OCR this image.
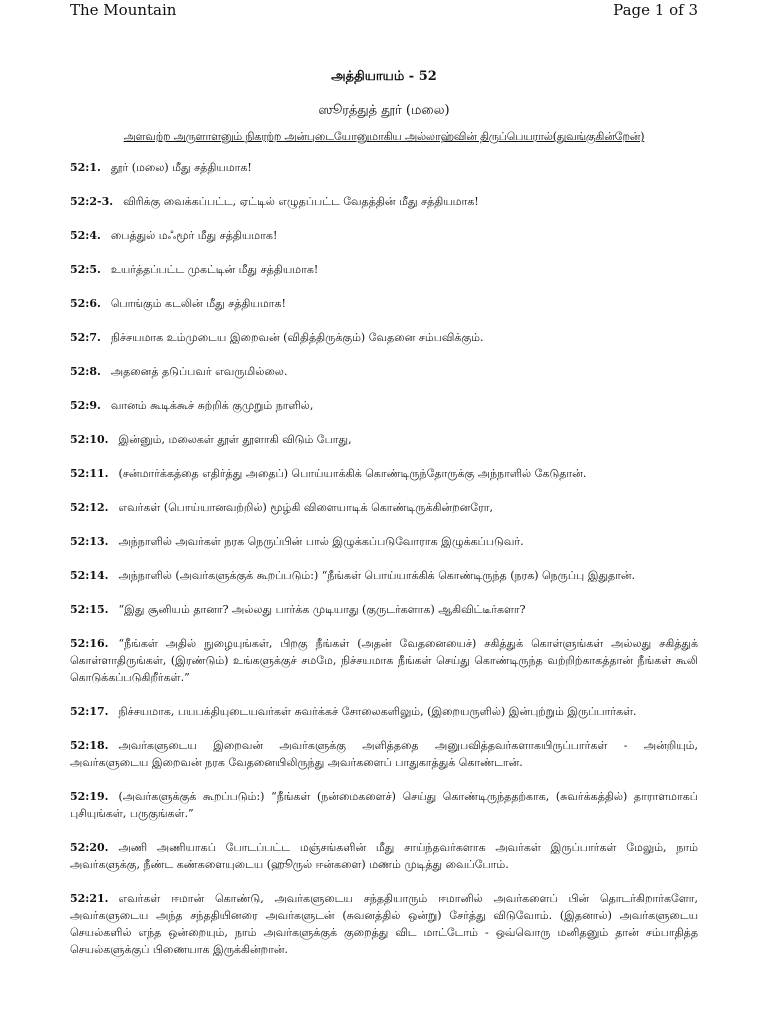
The Mountain	Page 1 of 3
அத்தியாயம் - 52
ஸூரத்துத் தூர் (மலை)
அளவற்ற அருளாளனும் நிகரற்ற அன்புடையோனுமாகிய அல்லாஹ்வின் திருப்பெயரால்(துவங்குகின்றேன்)

52:1. தூர் (மலை) மீது சத்தியமாக!

52:2-3. விரிக்கு வைக்கப்பட்ட, ஏட்டில் எழுதப்பட்ட வேதத்தின் மீது சத்தியமாக!

52:4. பைத்துல் மஃமூர் மீது சத்தியமாக!

52:5. உயர்த்தப்பட்ட முகட்டின் மீது சத்தியமாக!

52:6. பொங்கும் கடலின் மீது சத்தியமாக!

52:7. நிச்சயமாக உம்முடைய இறைவன் (விதித்திருக்கும்) வேதனை சம்பவிக்கும்.

52:8. அதனைத் தடுப்பவர் எவருமில்லை.

52:9. வானம் கூடிக்கூச் சுற்றிக் குமுறும் நாளில்,

52:10. இன்னும், மலைகள் தூள் தூளாகி விடும் போது,

52:11. (சன்மார்க்கத்தை எதிர்த்து அதைப்) பொய்யாக்கிக் கொண்டிருந்தோருக்கு அந்நாளில் கேடுதான்.

52:12. எவர்கள் (பொய்யானவற்றில்) மூழ்கி விளையாடிக் கொண்டிருக்கின்றனரோ,

52:13. அந்நாளில் அவர்கள் நரக நெருப்பின் பால் இழுக்கப்படுவோராக இழுக்கப்படுவர்.

52:14. அந்நாளில் (அவர்களுக்குக் கூறப்படும்:) “நீங்கள் பொய்யாக்கிக் கொண்டிருந்த (நரக) நெருப்பு இதுதான்.

52:15. “இது சூனியம் தானா? அல்லது பார்க்க முடியாது (குருடர்களாக) ஆகிவிட்டீர்களா?

52:16. “நீங்கள் அதில் நுழையுங்கள், பிறகு நீங்கள் (அதன் வேதனையைச்) சகித்துக் கொள்ளுங்கள் அல்லது சகித்துக் கொள்ளாதிருங்கள், (இரண்டும்) உங்களுக்குச் சமமே, நிச்சயமாக நீங்கள் செய்து கொண்டிருந்த வற்றிற்காகத்தான் நீங்கள் கூலி கொடுக்கப்படுகிறீர்கள்.”

52:17. நிச்சயமாக, பயபக்தியுடையவர்கள் சுவர்க்கச் சோலைகளிலும், (இறையருளில்) இன்புற்றும் இருப்பார்கள்.

52:18. அவர்களுடைய இறைவன் அவர்களுக்கு அளித்ததை அனுபவித்தவர்களாகயிருப்பார்கள் - அன்றியும், அவர்களுடைய இறைவன் நரக வேதனையிலிருந்து அவர்களைப் பாதுகாத்துக் கொண்டான்.

52:19. (அவர்களுக்குக் கூறப்படும்:) “நீங்கள் (நன்மைகளைச்) செய்து கொண்டிருந்ததற்காக, (சுவர்க்கத்தில்) தாராளமாகப் புசியுங்கள், பருகுங்கள்.”

52:20. அணி அணியாகப் போடப்பட்ட மஞ்சங்களின் மீது சாய்ந்தவர்களாக அவர்கள் இருப்பார்கள் மேலும், நாம் அவர்களுக்கு, நீண்ட கண்களையுடைய (ஹூருல் ஈன்களை) மணம் முடித்து வைப்போம்.

52:21. எவர்கள் ஈமான் கொண்டு, அவர்களுடைய சந்ததியாரும் ஈமானில் அவர்களைப் பின் தொடர்கிறார்களோ, அவர்களுடைய அந்த சந்ததியினரை அவர்களுடன் (சுவனத்தில் ஒன்று) சேர்த்து விடுவோம். (இதனால்) அவர்களுடைய செயல்களில் எந்த ஒன்றையும், நாம் அவர்களுக்குக் குறைத்து விட மாட்டோம் - ஒவ்வொரு மனிதனும் தான் சம்பாதித்த செயல்களுக்குப் பிணையாக இருக்கின்றான்.
